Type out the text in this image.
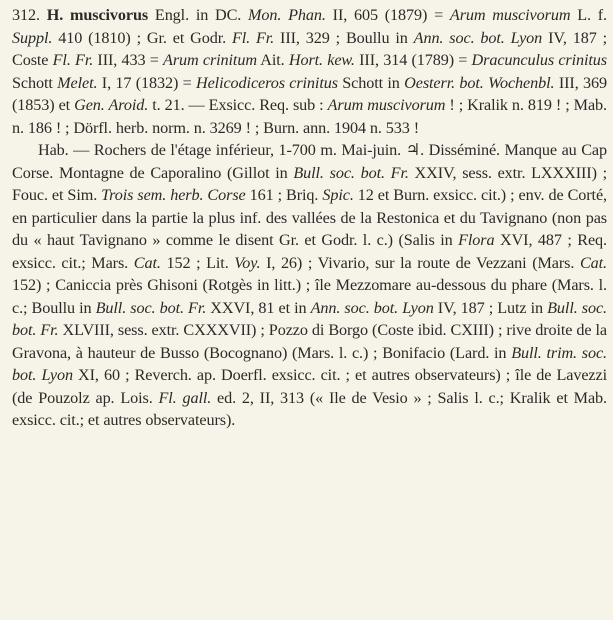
312. H. muscivorus Engl. in DC. Mon. Phan. II, 605 (1879) = Arum muscivorum L. f. Suppl. 410 (1810) ; Gr. et Godr. Fl. Fr. III, 329 ; Boullu in Ann. soc. bot. Lyon IV, 187 ; Coste Fl. Fr. III, 433 = Arum crinitum Ait. Hort. kew. III, 314 (1789) = Dracunculus crinitus Schott Melet. I, 17 (1832) = Helicodiceros crinitus Schott in Oesterr. bot. Wochenbl. III, 369 (1853) et Gen. Aroid. t. 21. — Exsicc. Req. sub : Arum muscivorum ! ; Kralik n. 819 ! ; Mab. n. 186 ! ; Dörfl. herb. norm. n. 3269 ! ; Burn. ann. 1904 n. 533 !

Hab. — Rochers de l'étage inférieur, 1-700 m. Mai-juin. ♃. Disséminé. Manque au Cap Corse. Montagne de Caporalino (Gillot in Bull. soc. bot. Fr. XXIV, sess. extr. LXXXIII) ; Fouc. et Sim. Trois sem. herb. Corse 161 ; Briq. Spic. 12 et Burn. exsicc. cit.) ; env. de Corté, en particulier dans la partie la plus inf. des vallées de la Restonica et du Tavignano (non pas du « haut Tavignano » comme le disent Gr. et Godr. l. c.) (Salis in Flora XVI, 487 ; Req. exsicc. cit.; Mars. Cat. 152 ; Lit. Voy. I, 26) ; Vivario, sur la route de Vezzani (Mars. Cat. 152) ; Caniccia près Ghisoni (Rotgès in litt.) ; île Mezzomare au-dessous du phare (Mars. l. c.; Boullu in Bull. soc. bot. Fr. XXVI, 81 et in Ann. soc. bot. Lyon IV, 187 ; Lutz in Bull. soc. bot. Fr. XLVIII, sess. extr. CXXXVII) ; Pozzo di Borgo (Coste ibid. CXIII) ; rive droite de la Gravona, à hauteur de Busso (Bocognano) (Mars. l. c.) ; Bonifacio (Lard. in Bull. trim. soc. bot. Lyon XI, 60 ; Reverch. ap. Doerfl. exsicc. cit. ; et autres observateurs) ; île de Lavezzi (de Pouzolz ap. Lois. Fl. gall. ed. 2, II, 313 (« Ile de Vesio » ; Salis l. c.; Kralik et Mab. exsicc. cit.; et autres observateurs).
